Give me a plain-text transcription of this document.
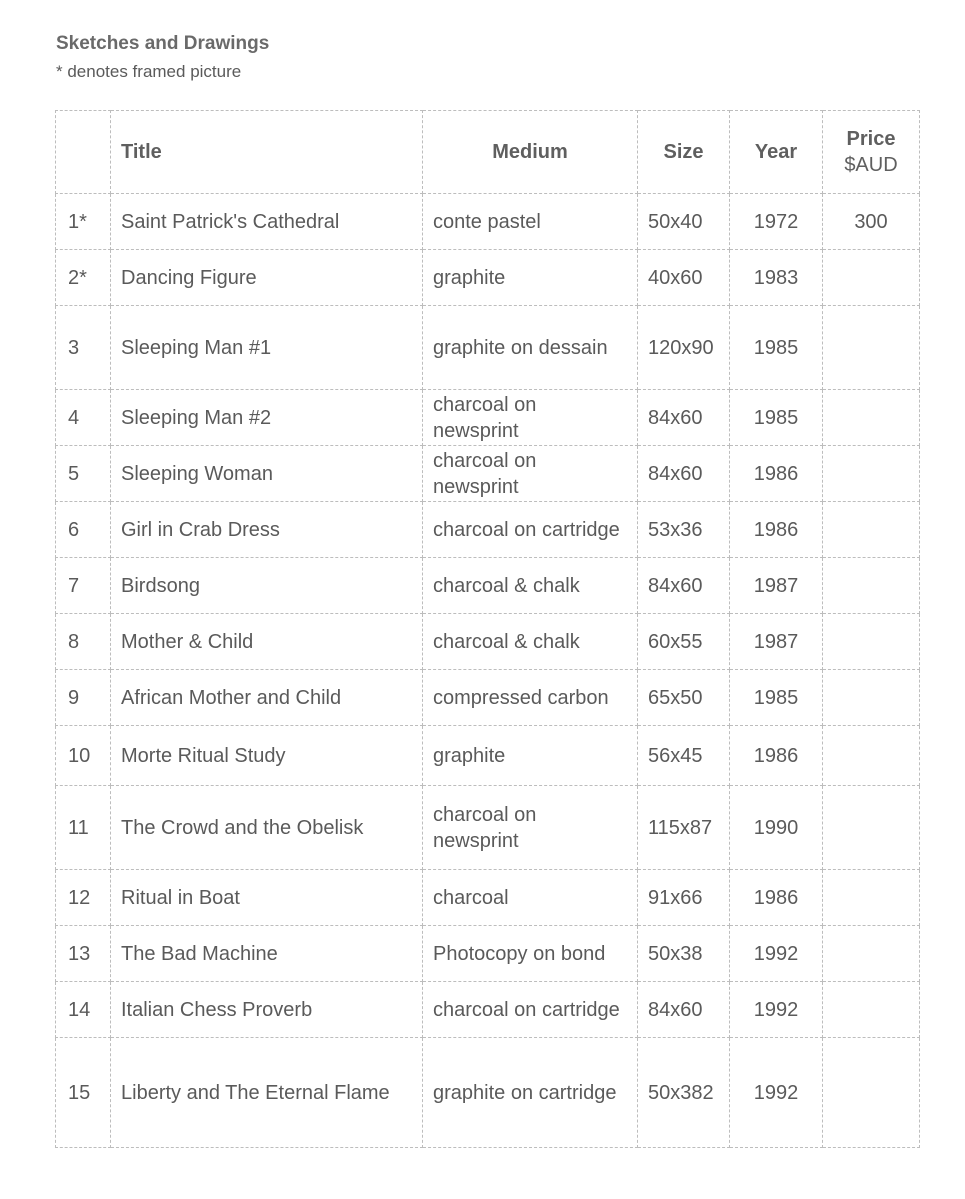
Sketches and Drawings
* denotes framed picture
	Title	Medium	Size	Year	Price
$AUD

1*	Saint Patrick's Cathedral	conte pastel	50x40	1972	300
2*	Dancing Figure	graphite	40x60	1983	
3	Sleeping Man #1	graphite on dessain	120x90	1985	
4	Sleeping Man #2	charcoal on newsprint	84x60	1985	
5	Sleeping Woman	charcoal on newsprint	84x60	1986	
6	Girl in Crab Dress	charcoal on cartridge	53x36	1986	
7	Birdsong	charcoal & chalk	84x60	1987	
8	Mother & Child	charcoal & chalk	60x55	1987	
9	African Mother and Child	compressed carbon	65x50	1985	
10	Morte Ritual Study	graphite	56x45	1986	
11	The Crowd and the Obelisk	charcoal on newsprint	115x87	1990	
12	Ritual in Boat	charcoal	91x66	1986	
13	The Bad Machine	Photocopy on bond	50x38	1992	
14	Italian Chess Proverb	charcoal on cartridge	84x60	1992	
15	Liberty and The Eternal Flame	graphite on cartridge	50x382	1992	
